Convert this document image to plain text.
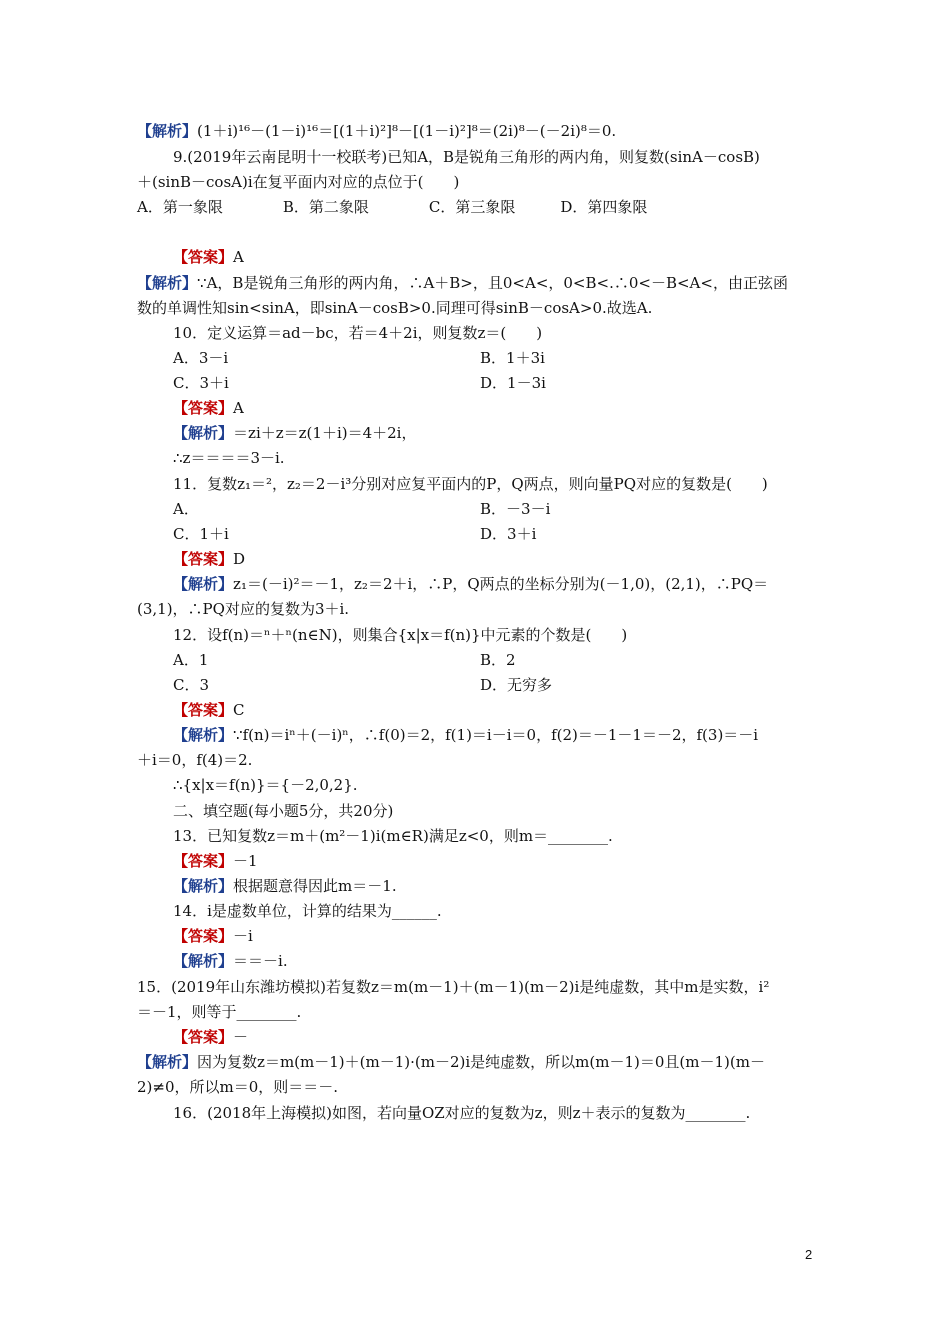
【 解析 】 (1＋i)¹⁶－(1－i)¹⁶＝[(1＋i)²]⁸－[(1－i)²]⁸＝(2i)⁸－(－2i)⁸＝0.
9.(2019年云南昆明十一校联考)已知A，B是锐角三角形的两内角，则复数(sinA－cosB)
＋(sinB－cosA)i在复平面内对应的点位于(　　)
A．第一象限　　　　B．第二象限　　　　C．第三象限　　　D．第四象限
【 答案 】 A
【 解析 】 ∵A，B是锐角三角形的两内角，∴A＋B>，且0<A<，0<B<.∴0<－B<A<，由正弦函
数的单调性知sin<sinA，即sinA－cosB>0.同理可得sinB－cosA>0.故选A.
10．定义运算＝ad－bc，若＝4＋2i，则复数z＝(　　)
A．3－i	B．1＋3i
C．3＋i	D．1－3i
【 答案 】 A
【 解析 】 ＝zi＋z＝z(1＋i)＝4＋2i，
∴z＝＝＝＝3－i.
11．复数z₁＝²，z₂＝2－i³分别对应复平面内的P，Q两点，则向量PQ对应的复数是(　　)
A．	B．－3－i
C．1＋i	D．3＋i
【 答案 】 D
【 解析 】 z₁＝(－i)²＝－1，z₂＝2＋i，∴P，Q两点的坐标分别为(－1,0)，(2,1)，∴PQ＝
(3,1)，∴PQ对应的复数为3＋i.
12．设f(n)＝ⁿ＋ⁿ(n∈N)，则集合{x|x＝f(n)}中元素的个数是(　　)
A．1	B．2
C．3	D．无穷多
【 答案 】 C
【 解析 】 ∵f(n)＝iⁿ＋(－i)ⁿ，∴f(0)＝2，f(1)＝i－i＝0，f(2)＝－1－1＝－2，f(3)＝－i
＋i＝0，f(4)＝2.
∴{x|x＝f(n)}＝{－2,0,2}.
二、填空题(每小题5分，共20分)
13．已知复数z＝m＋(m²－1)i(m∈R)满足z<0，则m＝________.
【 答案 】 －1
【 解析 】 根据题意得因此m＝－1.
14．i是虚数单位，计算的结果为______.
【 答案 】 －i
【 解析 】 ＝＝－i.
15．(2019年山东潍坊模拟)若复数z＝m(m－1)＋(m－1)(m－2)i是纯虚数，其中m是实数，i²
＝－1，则等于________.
【 答案 】 －
【 解析 】 因为复数z＝m(m－1)＋(m－1)·(m－2)i是纯虚数，所以m(m－1)＝0且(m－1)(m－
2)≠0，所以m＝0，则＝＝－.
16．(2018年上海模拟)如图，若向量OZ对应的复数为z，则z＋表示的复数为________.
2
